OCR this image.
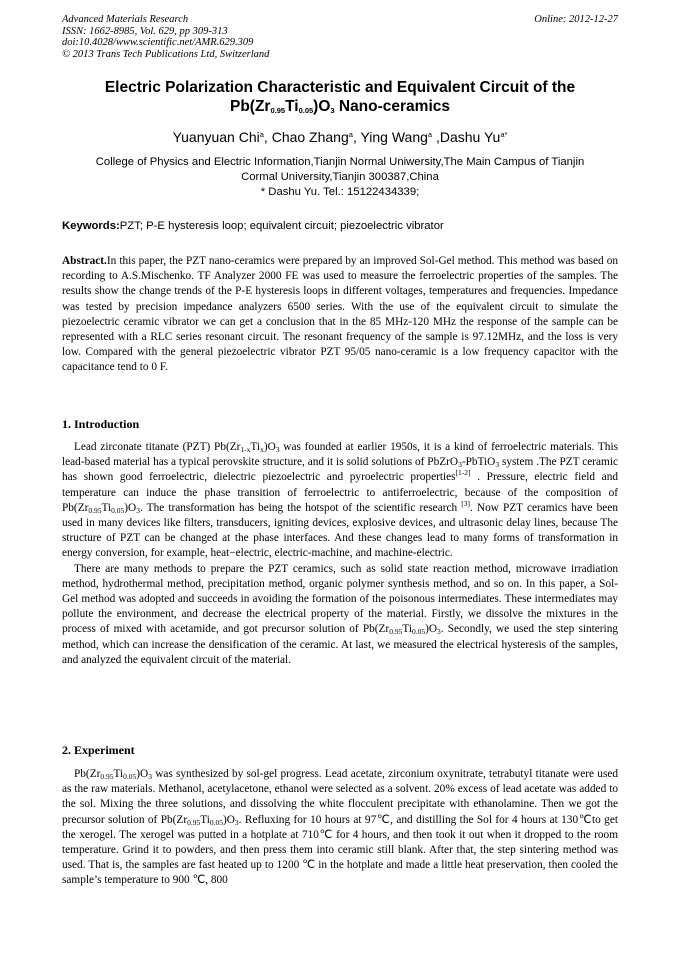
Advanced Materials Research
ISSN: 1662-8985, Vol. 629, pp 309-313
doi:10.4028/www.scientific.net/AMR.629.309
© 2013 Trans Tech Publications Ltd, Switzerland
Online: 2012-12-27
Electric Polarization Characteristic and Equivalent Circuit of the
$Pb(Zr_{0.95}Ti_{0.05})O_3$ Nano-ceramics
Yuanyuan Chi$^a$, Chao Zhang$^a$, Ying Wang$^a$ ,Dashu $Yu^{a*}$
College of Physics and Electric Information,Tianjin Normal Uniwersity,The Main Campus of Tianjin
Cormal University,Tianjin 300387,China
* Dashu Yu. Tel.: 15122434339;
Keywords:PZT; P-E hysteresis loop; equivalent circuit; piezoelectric vibrator
Abstract.In this paper, the PZT nano-ceramics were prepared by an improved Sol-Gel method. This method was based on recording to A.S.Mischenko. TF Analyzer 2000 FE was used to measure the ferroelectric properties of the samples. The results show the change trends of the P-E hysteresis loops in different voltages, temperatures and frequencies. Impedance was tested by precision impedance analyzers 6500 series. With the use of the equivalent circuit to simulate the piezoelectric ceramic vibrator we can get a conclusion that in the 85 MHz-120 MHz the response of the sample can be represented with a RLC series resonant circuit. The resonant frequency of the sample is 97.12MHz, and the loss is very low. Compared with the general piezoelectric vibrator PZT 95/05 nano-ceramic is a low frequency capacitor with the capacitance tend to 0 F.
1. Introduction

Lead zirconate titanate (PZT) $Pb(Zr_{1-x}Ti_x)O_3$ was founded at earlier 1950s, it is a kind of ferroelectric materials. This lead-based material has a typical perovskite structure, and it is solid solutions of PbZrO$_3$-PbTiO$_3$ system .The PZT ceramic has shown good ferroelectric, dielectric piezoelectric and pyroelectric properties[1-2] . Pressure, electric field and temperature can induce the phase transition of ferroelectric to antiferroelectric, because of the composition of $Pb(Zr_{0.95}Ti_{0.05})O_3$. The transformation has being the hotspot of the scientific research [3]. Now PZT ceramics have been used in many devices like filters, transducers, igniting devices, explosive devices, and ultrasonic delay lines, because The structure of PZT can be changed at the phase interfaces. And these changes lead to many forms of transformation in energy conversion, for example, heat−electric, electric-machine, and machine-electric.

There are many methods to prepare the PZT ceramics, such as solid state reaction method, microwave irradiation method, hydrothermal method, precipitation method, organic polymer synthesis method, and so on. In this paper, a Sol-Gel method was adopted and succeeds in avoiding the formation of the poisonous intermediates. These intermediates may pollute the environment, and decrease the electrical property of the material. Firstly, we dissolve the mixtures in the process of mixed with acetamide, and got precursor solution of $Pb(Zr_{0.95}Ti_{0.05})O_3$. Secondly, we used the step sintering method, which can increase the densification of the ceramic. At last, we measured the electrical hysteresis of the samples, and analyzed the equivalent circuit of the material.

2. Experiment

$Pb(Zr_{0.95}Ti_{0.05})O_3$ was synthesized by sol-gel progress. Lead acetate, zirconium oxynitrate, tetrabutyl titanate were used as the raw materials. Methanol, acetylacetone, ethanol were selected as a solvent. 20% excess of lead acetate was added to the sol. Mixing the three solutions, and dissolving the white flocculent precipitate with ethanolamine. Then we got the precursor solution of $Pb(Zr_{0.95}Ti_{0.05})O_3$. Refluxing for 10 hours at 97℃, and distilling the Sol for 4 hours at 130℃to get the xerogel. The xerogel was putted in a hotplate at 710℃ for 4 hours, and then took it out when it dropped to the room temperature. Grind it to powders, and then press them into ceramic still blank. After that, the step sintering method was used. That is, the samples are fast heated up to 1200 ℃ in the hotplate and made a little heat preservation, then cooled the sample’s temperature to 900 ℃, 800
